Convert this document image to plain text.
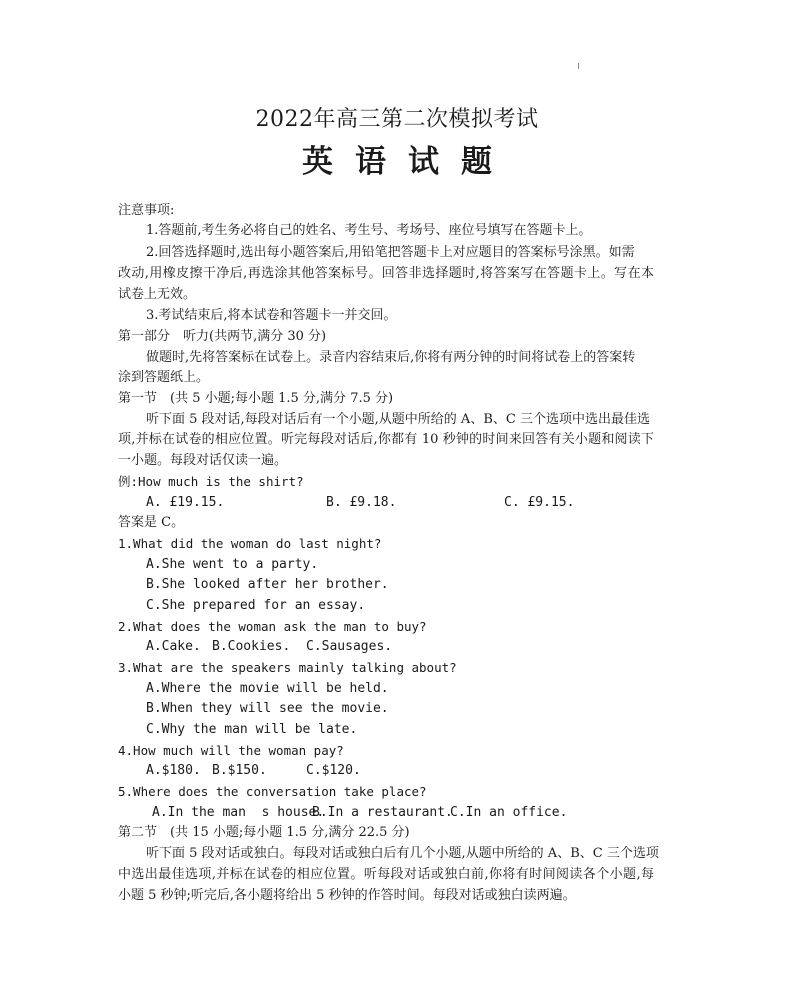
2022年高三第二次模拟考试
英语试题
注意事项:
1.答题前,考生务必将自己的姓名、考生号、考场号、座位号填写在答题卡上。
2.回答选择题时,选出每小题答案后,用铅笔把答题卡上对应题目的答案标号涂黑。如需
改动,用橡皮擦干净后,再选涂其他答案标号。回答非选择题时,将答案写在答题卡上。写在本
试卷上无效。
3.考试结束后,将本试卷和答题卡一并交回。
第一部分　听力(共两节,满分 30 分)
做题时,先将答案标在试卷上。录音内容结束后,你将有两分钟的时间将试卷上的答案转
涂到答题纸上。
第一节　(共 5 小题;每小题 1.5 分,满分 7.5 分)
听下面 5 段对话,每段对话后有一个小题,从题中所给的 A、B、C 三个选项中选出最佳选
项,并标在试卷的相应位置。听完每段对话后,你都有 10 秒钟的时间来回答有关小题和阅读下
一小题。每段对话仅读一遍。
例:How much is the shirt?
A. £19.15.	B. £9.18.	C. £9.15.
答案是 C。
1.What did the woman do last night?
A.She went to a party.
B.She looked after her brother.
C.She prepared for an essay.
2.What does the woman ask the man to buy?
A.Cake. B.Cookies. C.Sausages.
3.What are the speakers mainly talking about?
A.Where the movie will be held.
B.When they will see the movie.
C.Why the man will be late.
4.How much will the woman pay?
A.$180. B.$150.	C.$120.
5.Where does the conversation take place?
A.In the man  s house.
B.In a restaurant.
C.In an office.
第二节　(共 15 小题;每小题 1.5 分,满分 22.5 分)
听下面 5 段对话或独白。每段对话或独白后有几个小题,从题中所给的 A、B、C 三个选项
中选出最佳选项,并标在试卷的相应位置。听每段对话或独白前,你将有时间阅读各个小题,每
小题 5 秒钟;听完后,各小题将给出 5 秒钟的作答时间。每段对话或独白读两遍。
